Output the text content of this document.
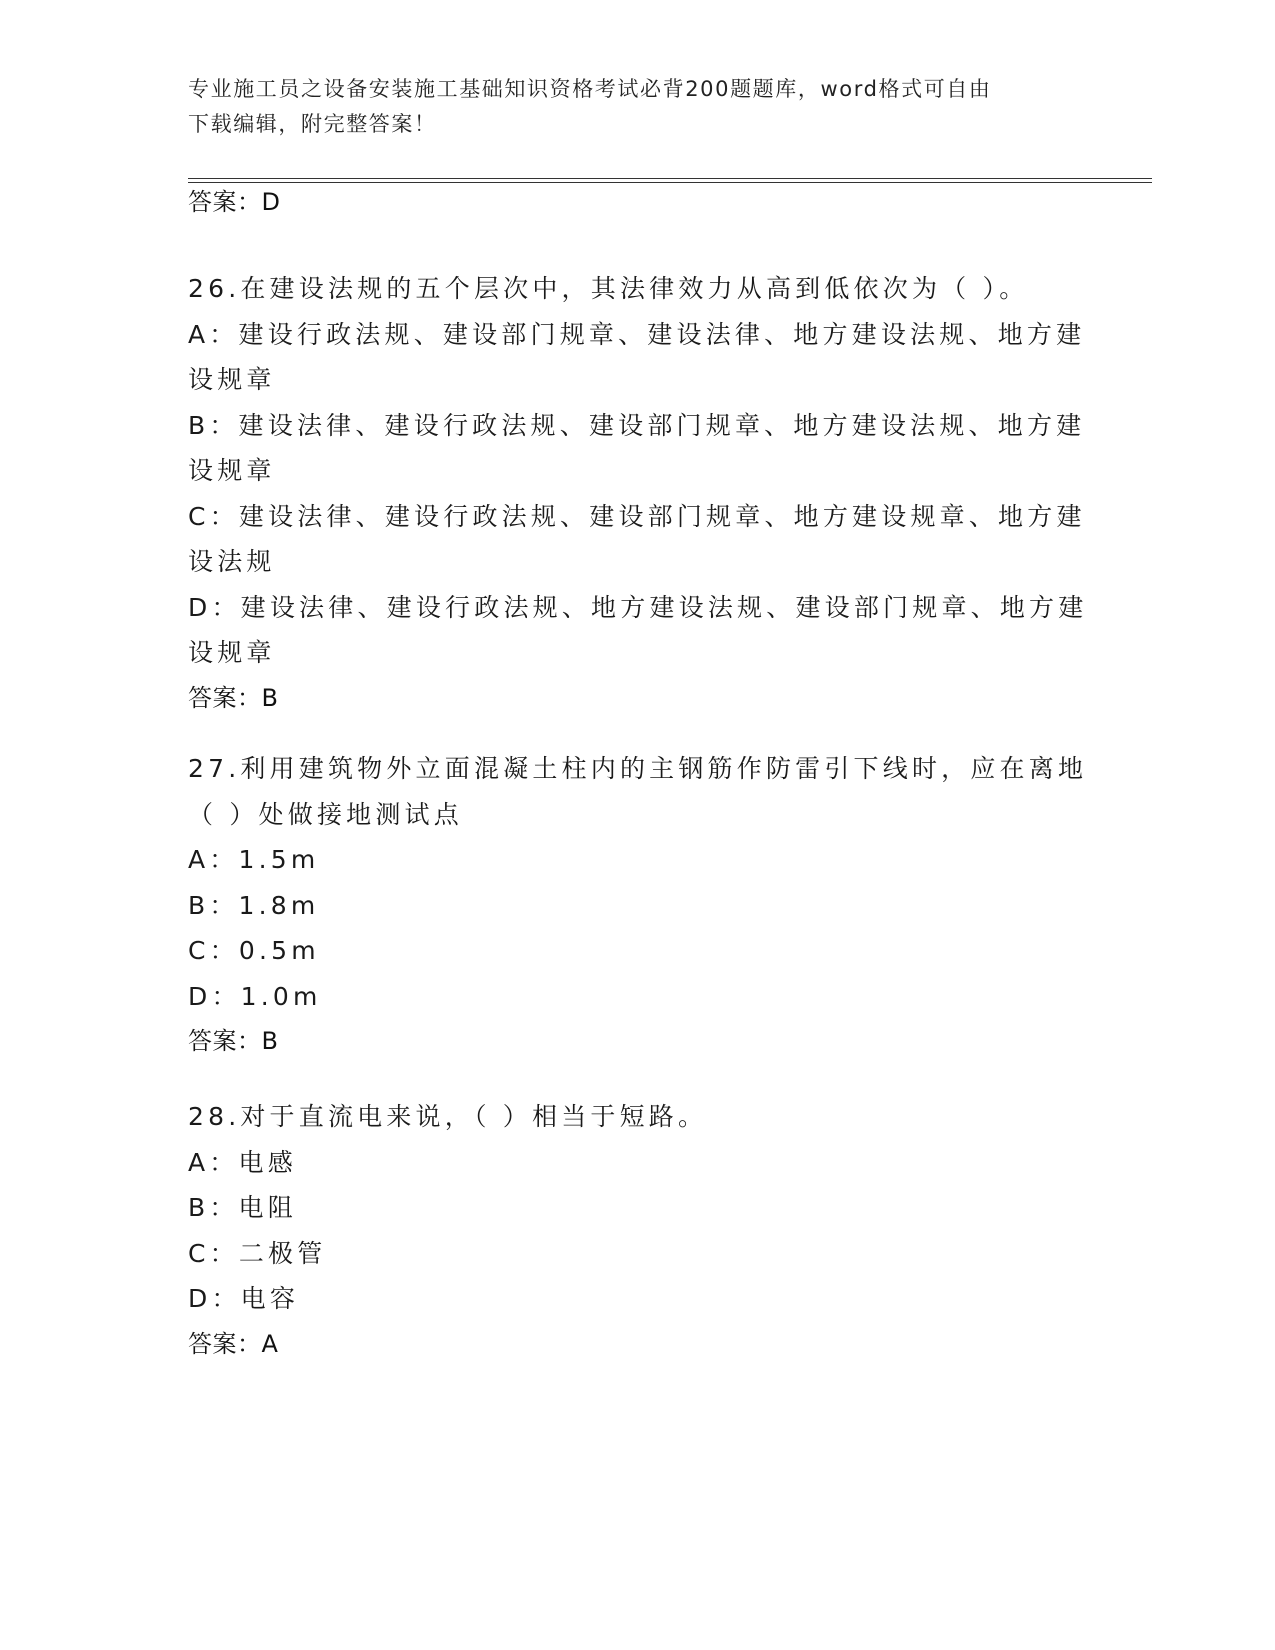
专业施工员之设备安装施工基础知识资格考试必背200题题库，word格式可自由
下载编辑，附完整答案！
答案：D

26.在建设法规的五个层次中，其法律效力从高到低依次为（ ）。

A：建设行政法规、建设部门规章、建设法律、地方建设法规、地方建

设规章

B：建设法律、建设行政法规、建设部门规章、地方建设法规、地方建

设规章

C：建设法律、建设行政法规、建设部门规章、地方建设规章、地方建

设法规

D：建设法律、建设行政法规、地方建设法规、建设部门规章、地方建

设规章

答案：B

27.利用建筑物外立面混凝土柱内的主钢筋作防雷引下线时，应在离地

（ ）处做接地测试点

A：1.5m

B：1.8m

C：0.5m

D：1.0m

答案：B

28.对于直流电来说，（ ）相当于短路。

A：电感

B：电阻

C：二极管

D：电容

答案：A
